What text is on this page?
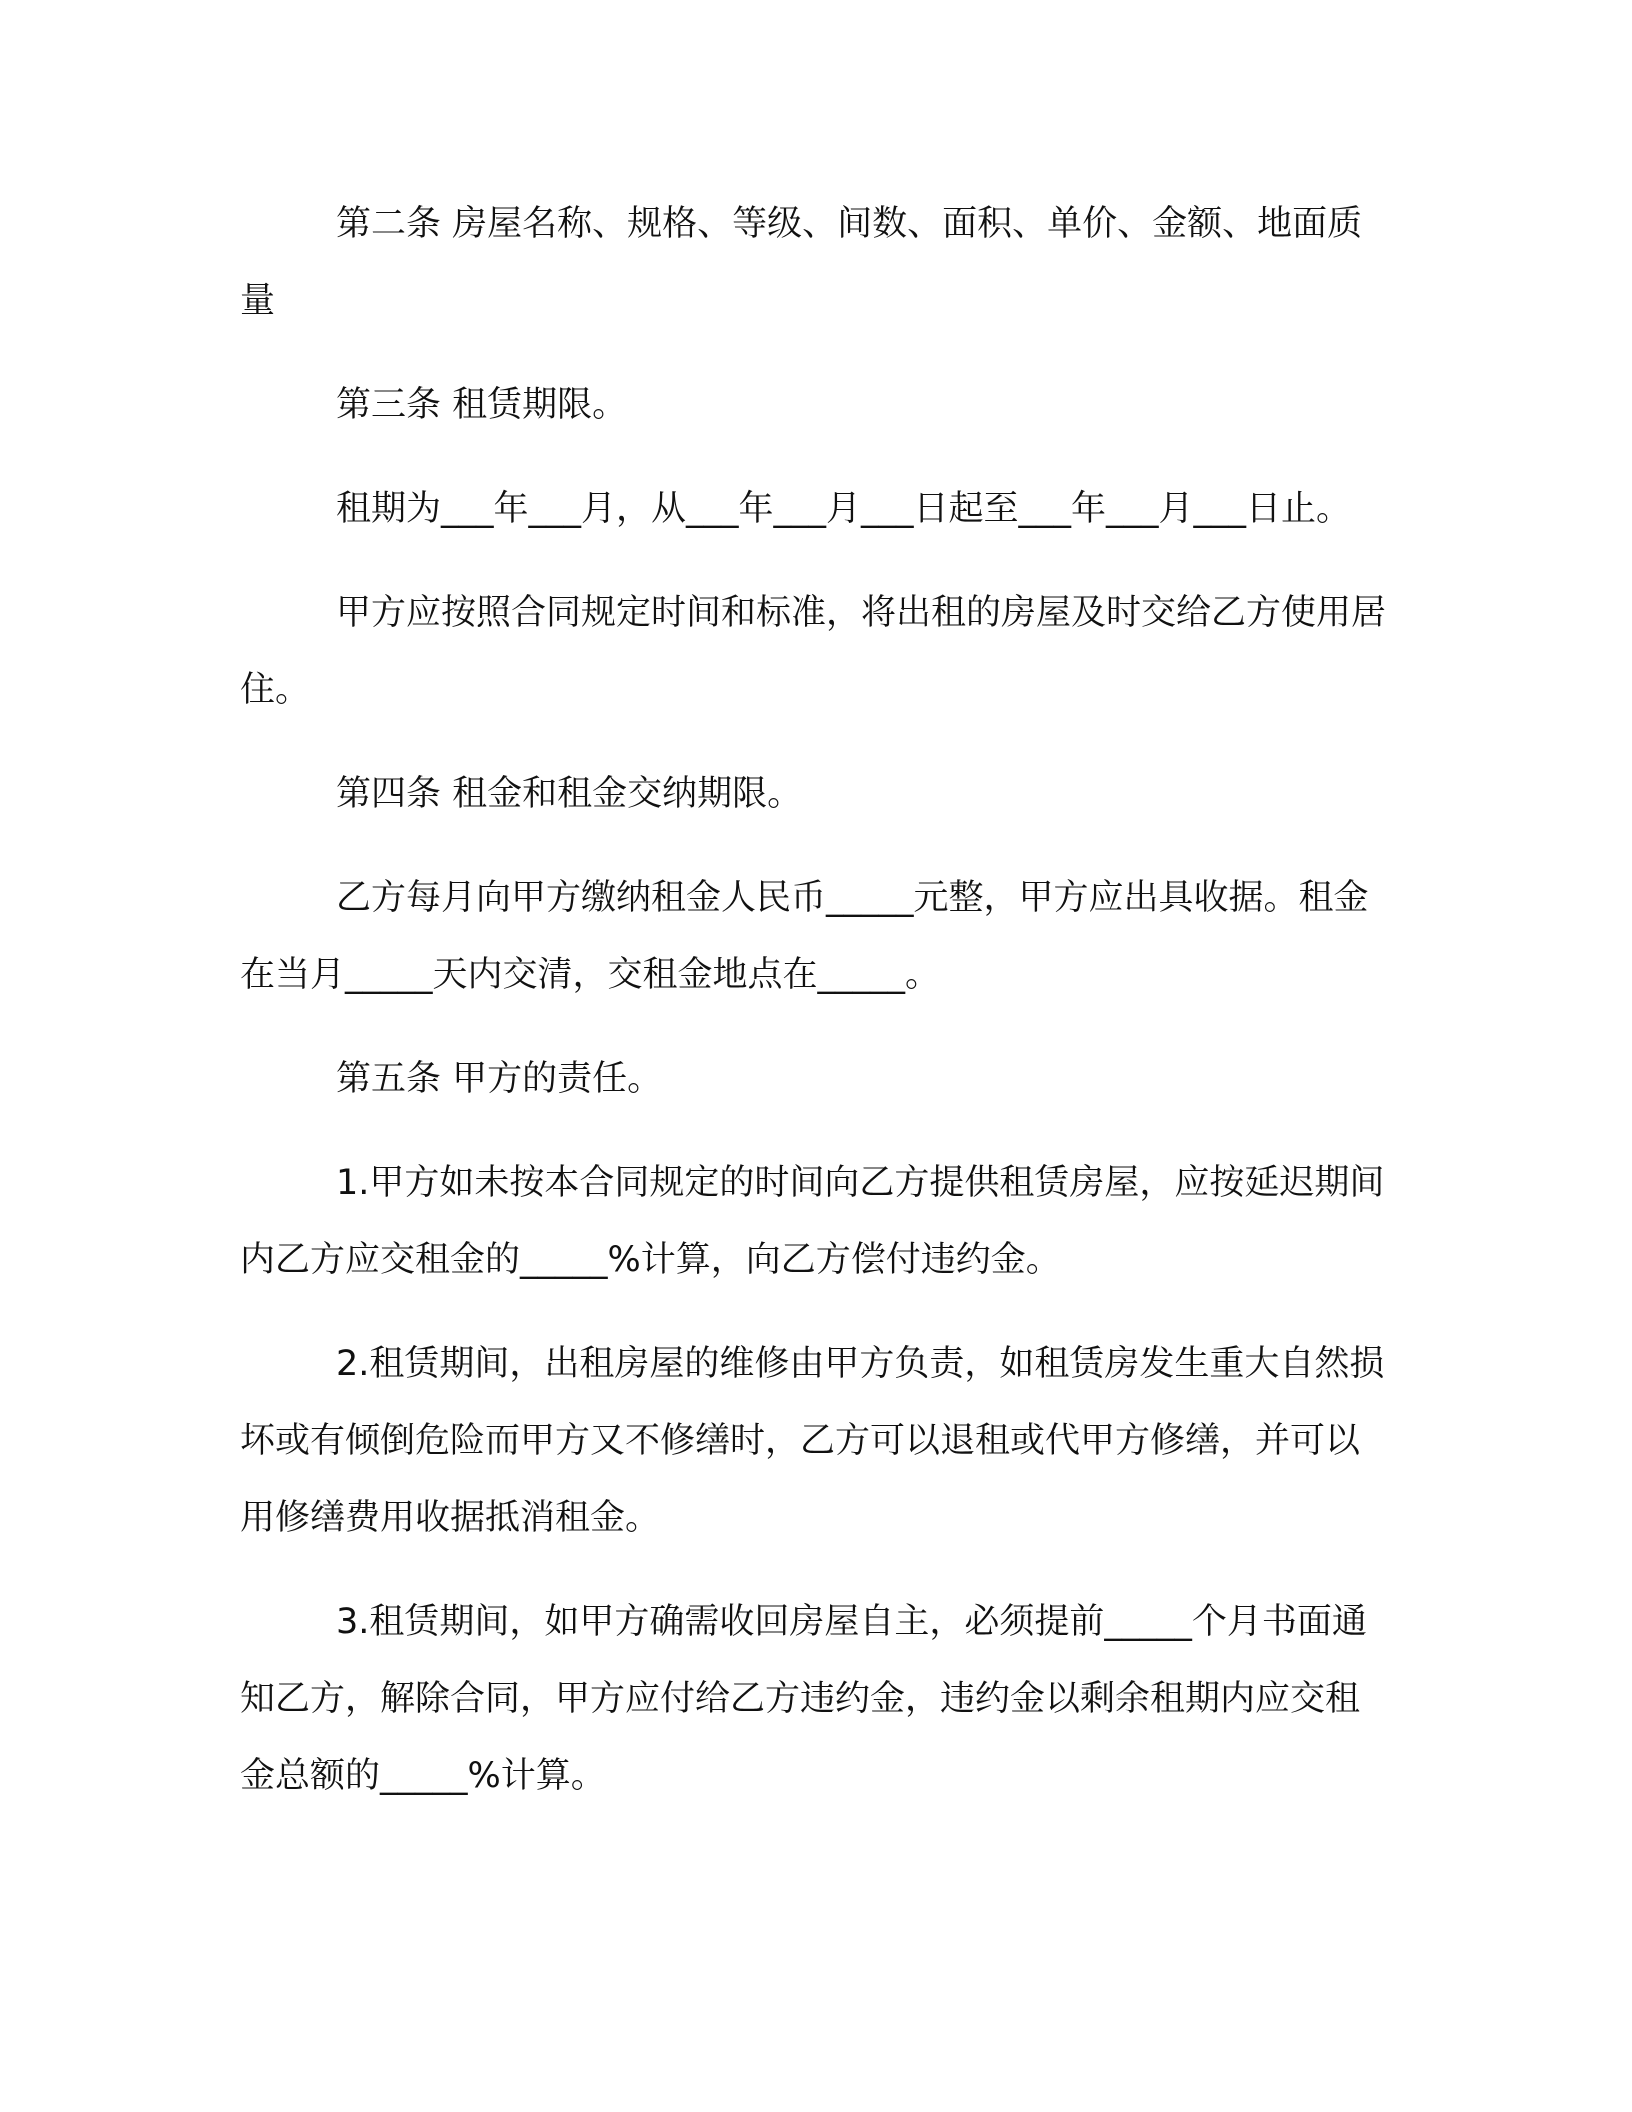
第二条 房屋名称、规格、等级、间数、面积、单价、金额、地面质量

第三条 租赁期限。

租期为___年___月，从___年___月___日起至___年___月___日止。

甲方应按照合同规定时间和标准，将出租的房屋及时交给乙方使用居住。

第四条 租金和租金交纳期限。

乙方每月向甲方缴纳租金人民币_____元整，甲方应出具收据。租金在当月_____天内交清，交租金地点在_____。

第五条 甲方的责任。

1.甲方如未按本合同规定的时间向乙方提供租赁房屋，应按延迟期间内乙方应交租金的_____%计算，向乙方偿付违约金。

2.租赁期间，出租房屋的维修由甲方负责，如租赁房发生重大自然损坏或有倾倒危险而甲方又不修缮时，乙方可以退租或代甲方修缮，并可以用修缮费用收据抵消租金。

3.租赁期间，如甲方确需收回房屋自主，必须提前_____个月书面通知乙方，解除合同，甲方应付给乙方违约金，违约金以剩余租期内应交租金总额的_____%计算。
